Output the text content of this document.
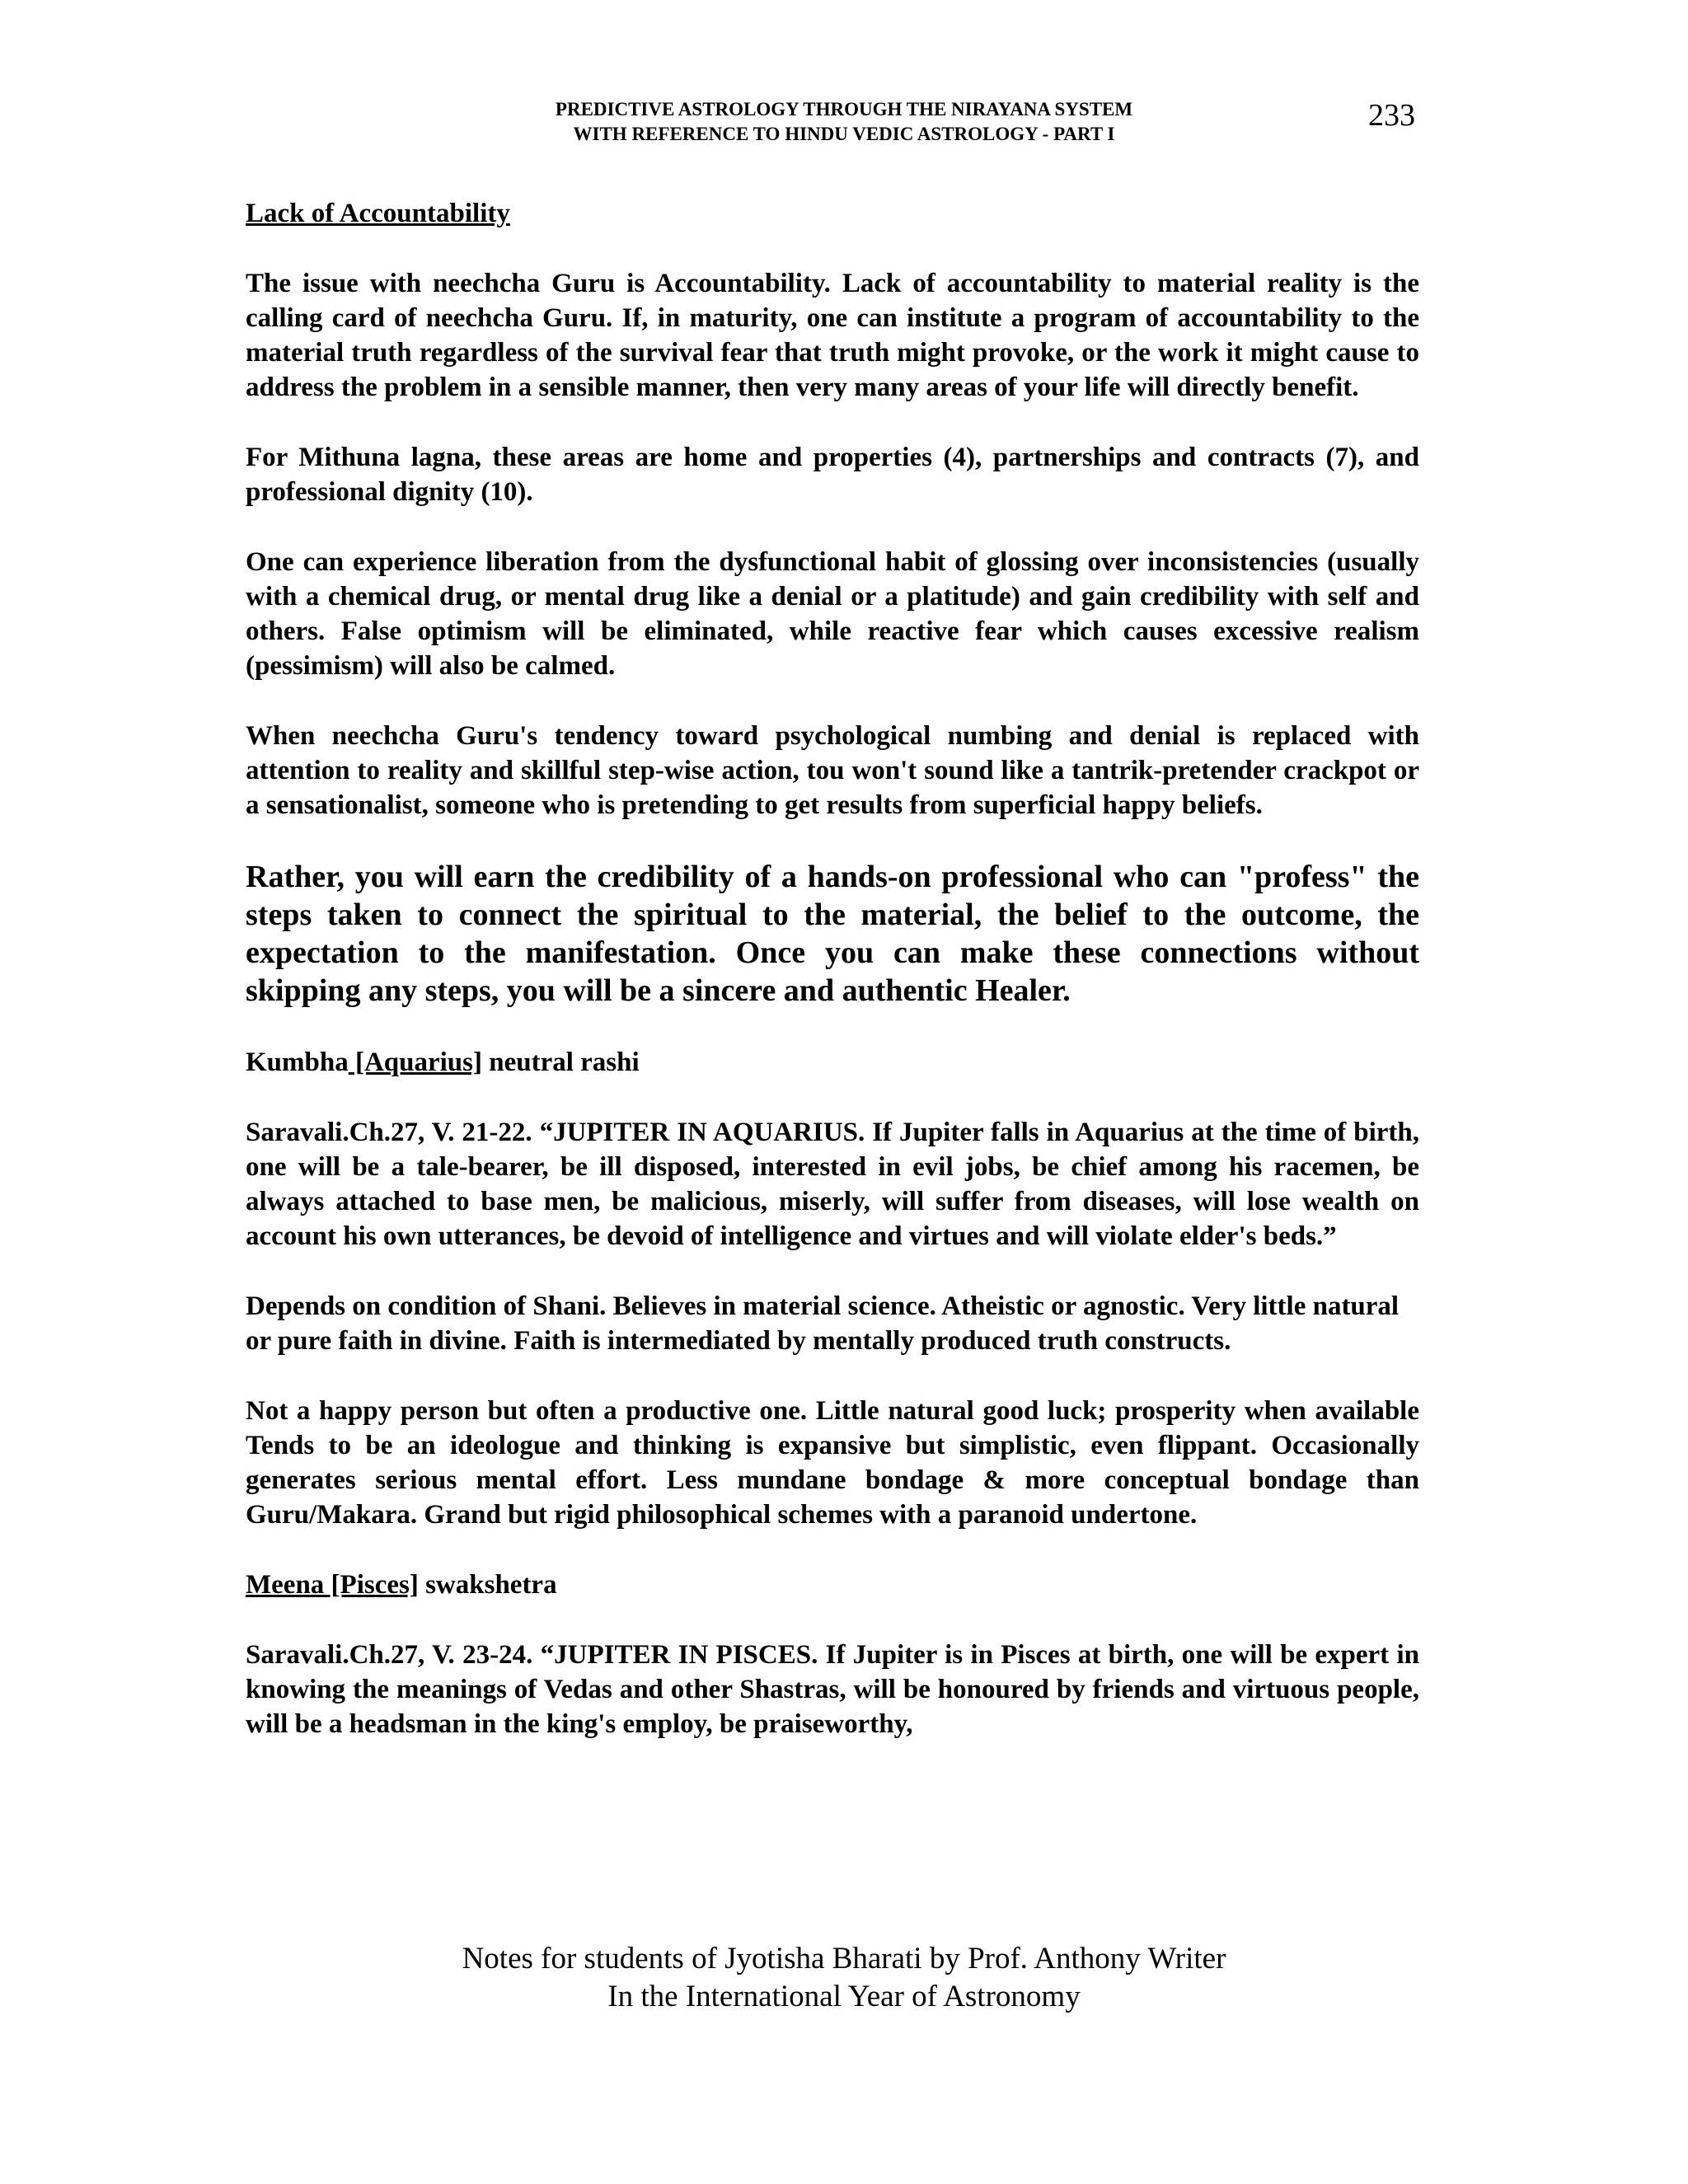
PREDICTIVE ASTROLOGY THROUGH THE NIRAYANA SYSTEM
WITH REFERENCE TO HINDU VEDIC ASTROLOGY - PART I
233
Lack of Accountability

The issue with neechcha Guru is Accountability. Lack of accountability to material reality is the calling card of neechcha Guru. If, in maturity, one can institute a program of accountability to the material truth regardless of the survival fear that truth might provoke, or the work it might cause to address the problem in a sensible manner, then very many areas of your life will directly benefit.

For Mithuna lagna, these areas are home and properties (4), partnerships and contracts (7), and professional dignity (10).

One can experience liberation from the dysfunctional habit of glossing over inconsistencies (usually with a chemical drug, or mental drug like a denial or a platitude) and gain credibility with self and others. False optimism will be eliminated, while reactive fear which causes excessive realism (pessimism) will also be calmed.

When neechcha Guru's tendency toward psychological numbing and denial is replaced with attention to reality and skillful step-wise action, tou won't sound like a tantrik-pretender crackpot or a sensationalist, someone who is pretending to get results from superficial happy beliefs.

Rather, you will earn the credibility of a hands-on professional who can "profess" the steps taken to connect the spiritual to the material, the belief to the outcome, the expectation to the manifestation. Once you can make these connections without skipping any steps, you will be a sincere and authentic Healer.

Kumbha [Aquarius] neutral rashi

Saravali.Ch.27, V. 21-22. “JUPITER IN AQUARIUS. If Jupiter falls in Aquarius at the time of birth, one will be a tale-bearer, be ill disposed, interested in evil jobs, be chief among his racemen, be always attached to base men, be malicious, miserly, will suffer from diseases, will lose wealth on account his own utterances, be devoid of intelligence and virtues and will violate elder's beds.”

Depends on condition of Shani. Believes in material science. Atheistic or agnostic. Very little natural or pure faith in divine. Faith is intermediated by mentally produced truth constructs.

Not a happy person but often a productive one. Little natural good luck; prosperity when available Tends to be an ideologue and thinking is expansive but simplistic, even flippant. Occasionally generates serious mental effort. Less mundane bondage & more conceptual bondage than Guru/Makara. Grand but rigid philosophical schemes with a paranoid undertone.

Meena [Pisces] swakshetra

Saravali.Ch.27, V. 23-24. “JUPITER IN PISCES. If Jupiter is in Pisces at birth, one will be expert in knowing the meanings of Vedas and other Shastras, will be honoured by friends and virtuous people, will be a headsman in the king's employ, be praiseworthy,

Notes for students of Jyotisha Bharati by Prof. Anthony Writer
In the International Year of Astronomy
